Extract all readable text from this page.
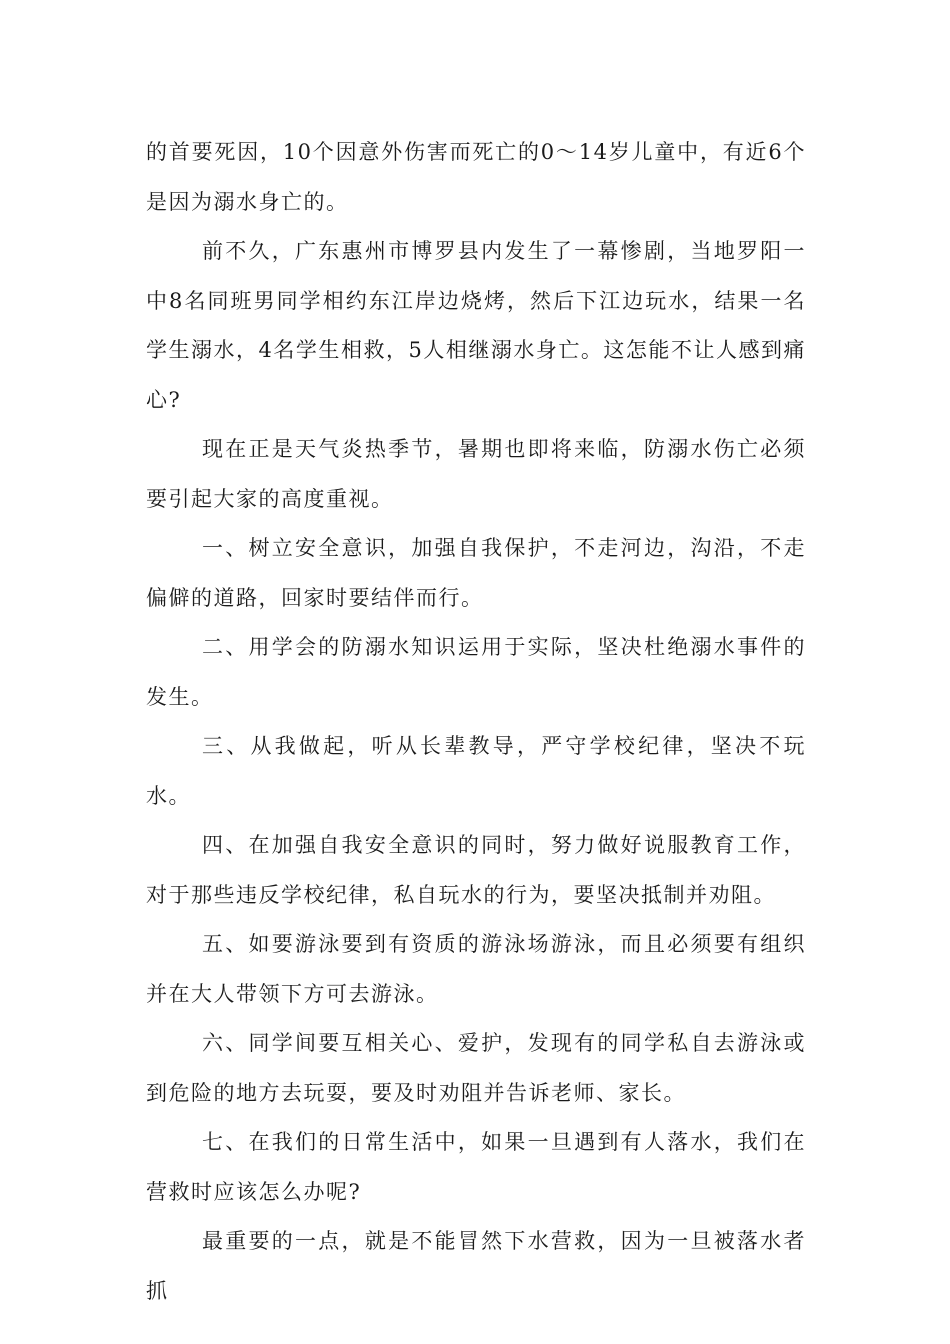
的首要死因，10个因意外伤害而死亡的0～14岁儿童中，有近6个是因为溺水身亡的。

前不久，广东惠州市博罗县内发生了一幕惨剧，当地罗阳一中8名同班男同学相约东江岸边烧烤，然后下江边玩水，结果一名学生溺水，4名学生相救，5人相继溺水身亡。这怎能不让人感到痛心?

现在正是天气炎热季节，暑期也即将来临，防溺水伤亡必须要引起大家的高度重视。

一、树立安全意识，加强自我保护，不走河边，沟沿，不走偏僻的道路，回家时要结伴而行。

二、用学会的防溺水知识运用于实际，坚决杜绝溺水事件的发生。

三、从我做起，听从长辈教导，严守学校纪律，坚决不玩水。

四、在加强自我安全意识的同时，努力做好说服教育工作，对于那些违反学校纪律，私自玩水的行为，要坚决抵制并劝阻。

五、如要游泳要到有资质的游泳场游泳，而且必须要有组织并在大人带领下方可去游泳。

六、同学间要互相关心、爱护，发现有的同学私自去游泳或到危险的地方去玩耍，要及时劝阻并告诉老师、家长。

七、在我们的日常生活中，如果一旦遇到有人落水，我们在营救时应该怎么办呢?

最重要的一点，就是不能冒然下水营救，因为一旦被落水者抓
